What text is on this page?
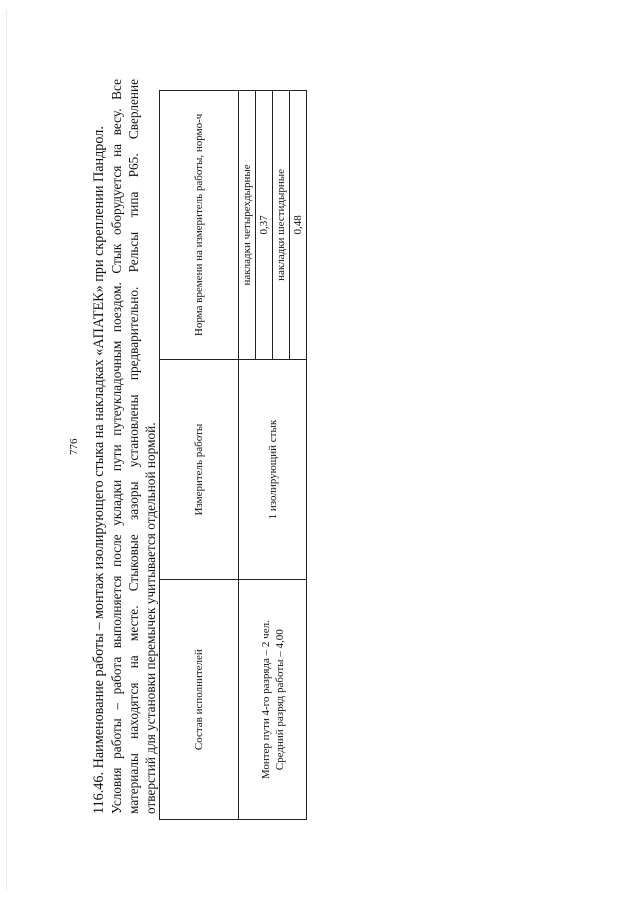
776 116.46. Наименование работы – монтаж изолирующего стыка на накладках «АПАТЕК» при скреплении Пандрол. Условия работы – работа выполняется после укладки пути путеукладочным поездом. Стык оборудуется на весу. Все материалы находятся на месте. Стыковые зазоры установлены предварительно. Рельсы типа Р65. Сверление отверстий для установки перемычек учитывается отдельной нормой.	Состав исполнителей	Измеритель работы	Норма времени на измеритель работы, нормо-ч

Монтер пути 4-го разряда – 2 чел. Средний разряд работы – 4,00	1 изолирующий стык	накладки четырехдырные
		0,37
		накладки шестидырные
		0,48
